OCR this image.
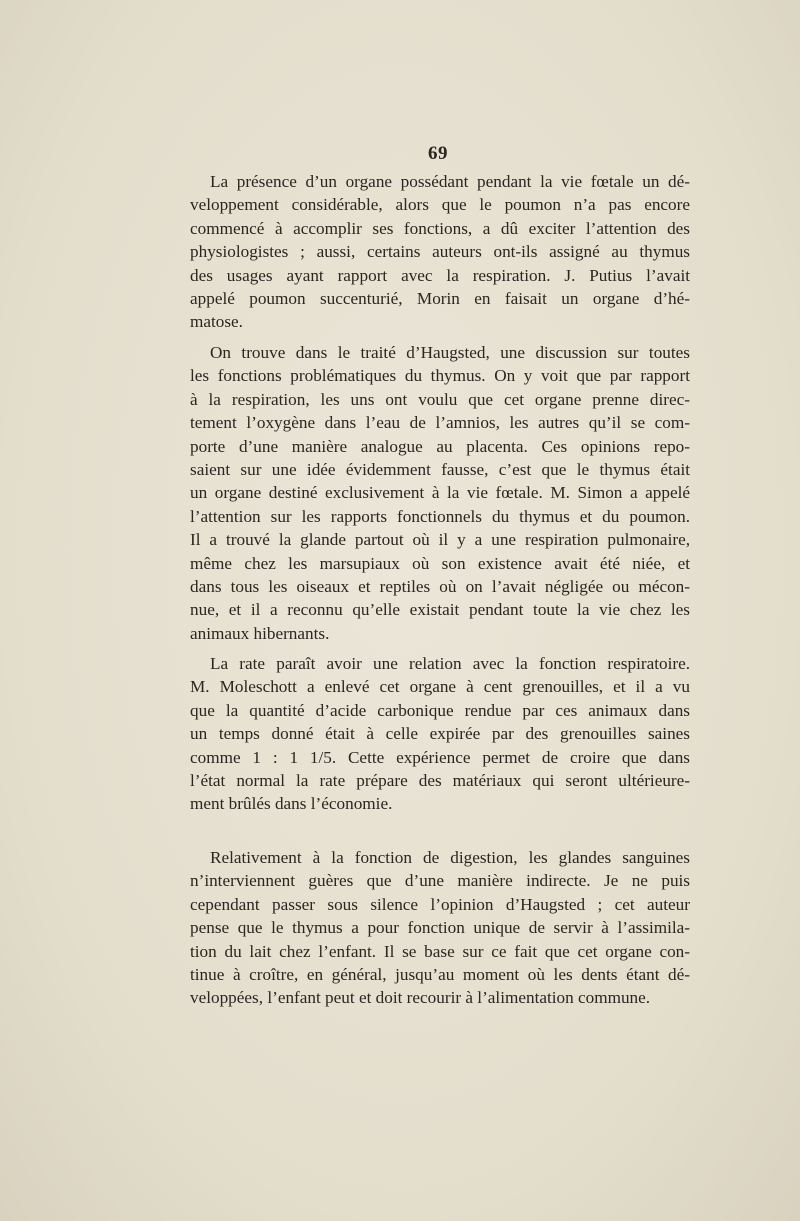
69
La présence d’un organe possédant pendant la vie fœtale un dé-
veloppement considérable, alors que le poumon n’a pas encore
commencé à accomplir ses fonctions, a dû exciter l’attention des
physiologistes ; aussi, certains auteurs ont-ils assigné au thymus
des usages ayant rapport avec la respiration. J. Putius l’avait
appelé poumon succenturié, Morin en faisait un organe d’hé-
matose.
On trouve dans le traité d’Haugsted, une discussion sur toutes
les fonctions problématiques du thymus. On y voit que par rapport
à la respiration, les uns ont voulu que cet organe prenne direc-
tement l’oxygène dans l’eau de l’amnios, les autres qu’il se com-
porte d’une manière analogue au placenta. Ces opinions repo-
saient sur une idée évidemment fausse, c’est que le thymus était
un organe destiné exclusivement à la vie fœtale. M. Simon a appelé
l’attention sur les rapports fonctionnels du thymus et du poumon.
Il a trouvé la glande partout où il y a une respiration pulmonaire,
même chez les marsupiaux où son existence avait été niée, et
dans tous les oiseaux et reptiles où on l’avait négligée ou mécon-
nue, et il a reconnu qu’elle existait pendant toute la vie chez les
animaux hibernants.
La rate paraît avoir une relation avec la fonction respiratoire.
M. Moleschott a enlevé cet organe à cent grenouilles, et il a vu
que la quantité d’acide carbonique rendue par ces animaux dans
un temps donné était à celle expirée par des grenouilles saines
comme 1 : 1 1/5. Cette expérience permet de croire que dans
l’état normal la rate prépare des matériaux qui seront ultérieure-
ment brûlés dans l’économie.
Relativement à la fonction de digestion, les glandes sanguines
n’interviennent guères que d’une manière indirecte. Je ne puis
cependant passer sous silence l’opinion d’Haugsted ; cet auteur
pense que le thymus a pour fonction unique de servir à l’assimila-
tion du lait chez l’enfant. Il se base sur ce fait que cet organe con-
tinue à croître, en général, jusqu’au moment où les dents étant dé-
veloppées, l’enfant peut et doit recourir à l’alimentation commune.
